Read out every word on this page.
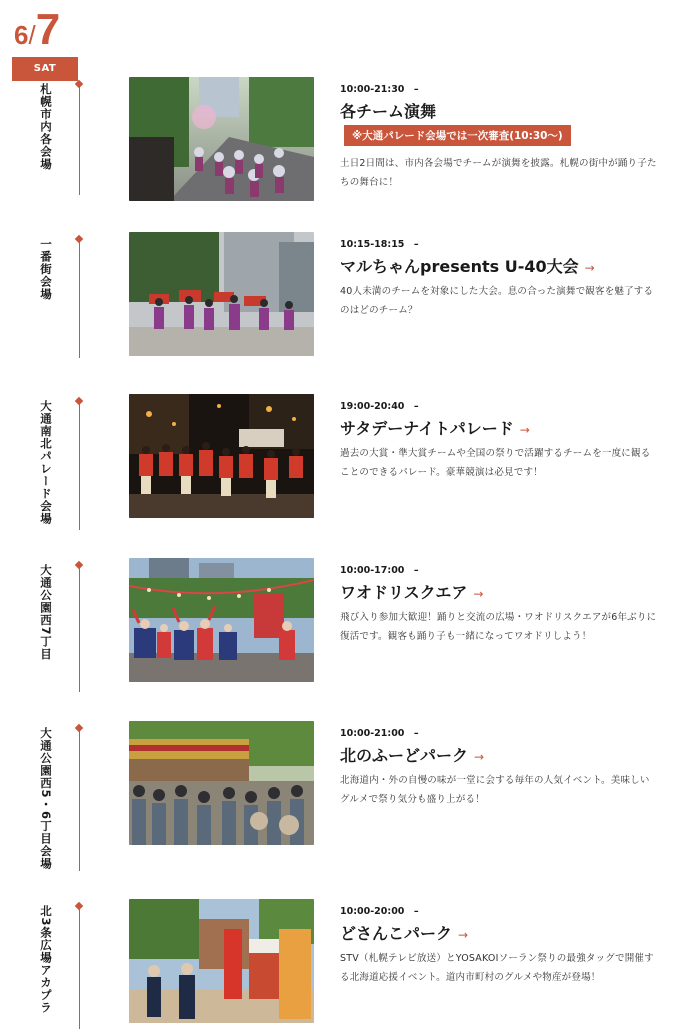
6/7
SAT
札幌市内各会場	10:00-21:30　–
各チーム演舞
※大通パレード会場では一次審査(10:30〜)
土日2日間は、市内各会場でチームが演舞を披露。札幌の街中が踊り子たちの舞台に！
一番街会場	10:15-18:15　–
マルちゃんpresents U-40大会 →
40人未満のチームを対象にした大会。息の合った演舞で観客を魅了するのはどのチーム？
大通南北パレード会場	19:00-20:40　–
サタデーナイトパレード →
過去の大賞・準大賞チームや全国の祭りで活躍するチームを一度に観ることのできるパレード。豪華競演は必見です！
大通公園西7丁目	10:00-17:00　–
ワオドリスクエア →
飛び入り参加大歓迎！踊りと交流の広場・ワオドリスクエアが6年ぶりに復活です。観客も踊り子も一緒になってワオドリしよう！
大通公園西5・6丁目会場	10:00-21:00　–
北のふーどパーク →
北海道内・外の自慢の味が一堂に会する毎年の人気イベント。美味しいグルメで祭り気分も盛り上がる！
北3条広場アカプラ	10:00-20:00　–
どさんこパーク →
STV（札幌テレビ放送）とYOSAKOIソーラン祭りの最強タッグで開催する北海道応援イベント。道内市町村のグルメや物産が登場！
